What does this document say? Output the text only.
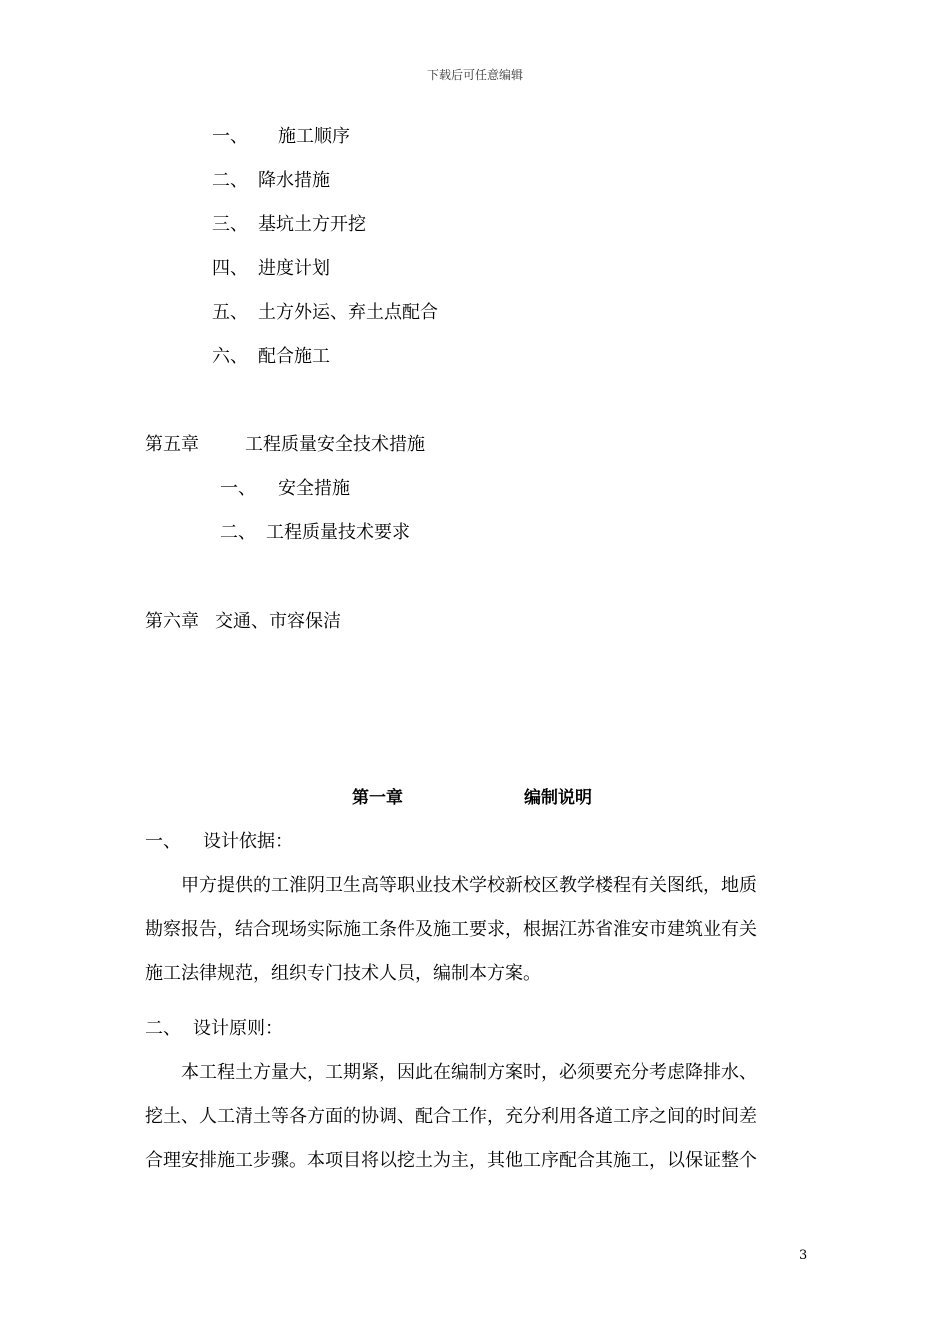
下载后可任意编辑
一、 施工顺序
二、 降水措施
三、 基坑土方开挖
四、 进度计划
五、 土方外运、弃土点配合
六、 配合施工
第五章	工程质量安全技术措施
一、 安全措施
二、 工程质量技术要求
第六章 交通、市容保洁
第一章	编制说明
一、 设计依据：
甲方提供的工淮阴卫生高等职业技术学校新校区教学楼程有关图纸，地质
勘察报告，结合现场实际施工条件及施工要求，根据江苏省淮安市建筑业有关
施工法律规范，组织专门技术人员，编制本方案。
二、 设计原则：
本工程土方量大，工期紧，因此在编制方案时，必须要充分考虑降排水、
挖土、人工清土等各方面的协调、配合工作，充分利用各道工序之间的时间差
合理安排施工步骤。本项目将以挖土为主，其他工序配合其施工，以保证整个
3
